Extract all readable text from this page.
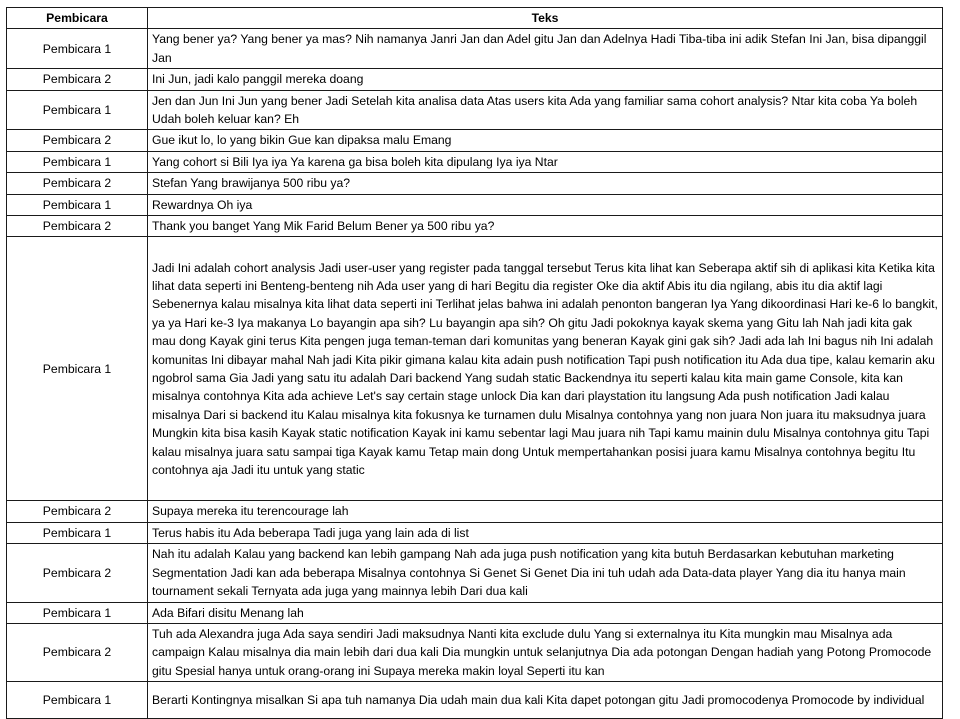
Pembicara	Teks
Pembicara 1	Yang bener ya? Yang bener ya mas? Nih namanya Janri Jan dan Adel gitu Jan dan Adelnya Hadi Tiba-tiba ini adik Stefan Ini Jan, bisa dipanggil Jan
Pembicara 2	Ini Jun, jadi kalo panggil mereka doang
Pembicara 1	Jen dan Jun Ini Jun yang bener Jadi Setelah kita analisa data Atas users kita Ada yang familiar sama cohort analysis? Ntar kita coba Ya boleh Udah boleh keluar kan? Eh
Pembicara 2	Gue ikut lo, lo yang bikin Gue kan dipaksa malu Emang
Pembicara 1	Yang cohort si Bili Iya iya Ya karena ga bisa boleh kita dipulang Iya iya Ntar
Pembicara 2	Stefan Yang brawijanya 500 ribu ya?
Pembicara 1	Rewardnya Oh iya
Pembicara 2	Thank you banget Yang Mik Farid Belum Bener ya 500 ribu ya?
Pembicara 1	Jadi Ini adalah cohort analysis Jadi user-user yang register pada tanggal tersebut Terus kita lihat kan Seberapa aktif sih di aplikasi kita Ketika kita lihat data seperti ini Benteng-benteng nih Ada user yang di hari Begitu dia register Oke dia aktif Abis itu dia ngilang, abis itu dia aktif lagi Sebenernya kalau misalnya kita lihat data seperti ini Terlihat jelas bahwa ini adalah penonton bangeran Iya Yang dikoordinasi Hari ke-6 lo bangkit, ya ya Hari ke-3 Iya makanya Lo bayangin apa sih? Lu bayangin apa sih? Oh gitu Jadi pokoknya kayak skema yang Gitu lah Nah jadi kita gak mau dong Kayak gini terus Kita pengen juga teman-teman dari komunitas yang beneran Kayak gini gak sih? Jadi ada lah Ini bagus nih Ini adalah komunitas Ini dibayar mahal Nah jadi Kita pikir gimana kalau kita adain push notification Tapi push notification itu Ada dua tipe, kalau kemarin aku ngobrol sama Gia Jadi yang satu itu adalah Dari backend Yang sudah static Backendnya itu seperti kalau kita main game Console, kita kan misalnya contohnya Kita ada achieve Let's say certain stage unlock Dia kan dari playstation itu langsung Ada push notification Jadi kalau misalnya Dari si backend itu Kalau misalnya kita fokusnya ke turnamen dulu Misalnya contohnya yang non juara Non juara itu maksudnya juara Mungkin kita bisa kasih Kayak static notification Kayak ini kamu sebentar lagi Mau juara nih Tapi kamu mainin dulu Misalnya contohnya gitu Tapi kalau misalnya juara satu sampai tiga Kayak kamu Tetap main dong Untuk mempertahankan posisi juara kamu Misalnya contohnya begitu Itu contohnya aja Jadi itu untuk yang static
Pembicara 2	Supaya mereka itu terencourage lah
Pembicara 1	Terus habis itu Ada beberapa Tadi juga yang lain ada di list
Pembicara 2	Nah itu adalah Kalau yang backend kan lebih gampang Nah ada juga push notification yang kita butuh Berdasarkan kebutuhan marketing Segmentation Jadi kan ada beberapa Misalnya contohnya Si Genet Si Genet Dia ini tuh udah ada Data-data player Yang dia itu hanya main tournament sekali Ternyata ada juga yang mainnya lebih Dari dua kali
Pembicara 1	Ada Bifari disitu Menang lah
Pembicara 2	Tuh ada Alexandra juga Ada saya sendiri Jadi maksudnya Nanti kita exclude dulu Yang si externalnya itu Kita mungkin mau Misalnya ada campaign Kalau misalnya dia main lebih dari dua kali Dia mungkin untuk selanjutnya Dia ada potongan Dengan hadiah yang Potong Promocode gitu Spesial hanya untuk orang-orang ini Supaya mereka makin loyal Seperti itu kan
Pembicara 1	Berarti Kontingnya misalkan Si apa tuh namanya Dia udah main dua kali Kita dapet potongan gitu Jadi promocodenya Promocode by individual
